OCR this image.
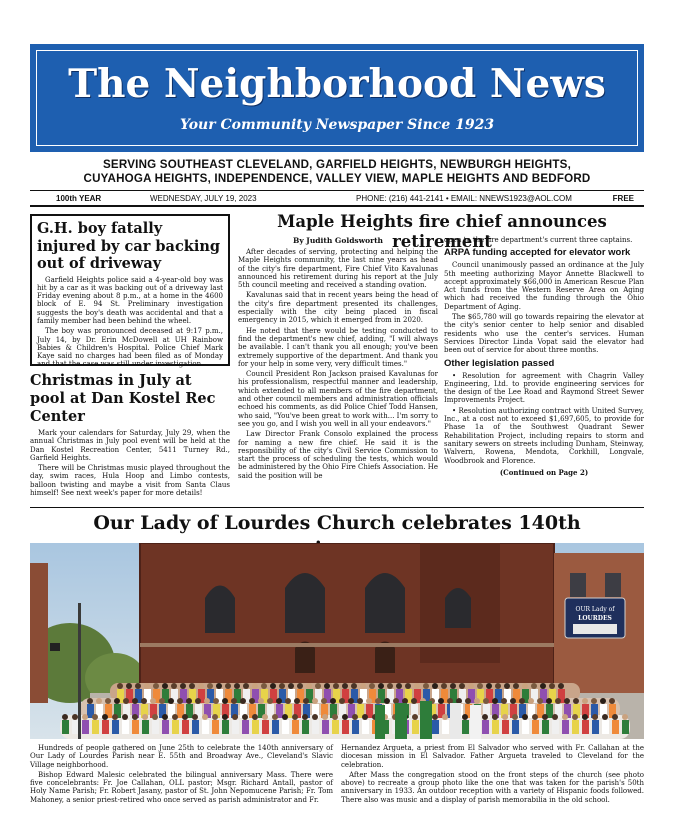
The Neighborhood News
Your Community Newspaper Since 1923
SERVING SOUTHEAST CLEVELAND, GARFIELD HEIGHTS, NEWBURGH HEIGHTS,
CUYAHOGA HEIGHTS, INDEPENDENCE, VALLEY VIEW, MAPLE HEIGHTS AND BEDFORD
100th YEAR	WEDNESDAY, JULY 19, 2023	PHONE: (216) 441-2141 • EMAIL: NNEWS1923@AOL.COM	FREE
G.H. boy fatally injured by car backing out of driveway

Garfield Heights police said a 4-year-old boy was hit by a car as it was backing out of a driveway last Friday evening about 8 p.m., at a home in the 4600 block of E. 94 St. Preliminary investigation suggests the boy's death was accidental and that a family member had been behind the wheel.

The boy was pronounced deceased at 9:17 p.m., July 14, by Dr. Erin McDowell at UH Rainbow Babies & Children's Hospital. Police Chief Mark Kaye said no charges had been filed as of Monday and that the case was still under investigation.

Christmas in July at pool at Dan Kostel Rec Center

Mark your calendars for Saturday, July 29, when the annual Christmas in July pool event will be held at the Dan Kostel Recreation Center, 5411 Turney Rd., Garfield Heights.

There will be Christmas music played throughout the day, swim races, Hula Hoop and Limbo contests, balloon twisting and maybe a visit from Santa Claus himself! See next week's paper for more details!

Maple Heights fire chief announces retirement
By Judith Goldsworth

After decades of serving, protecting and helping the Maple Heights community, the last nine years as head of the city's fire department, Fire Chief Vito Kavalunas announced his retirement during his report at the July 5th council meeting and received a standing ovation.

Kavalunas said that in recent years being the head of the city's fire department presented its challenges, especially with the city being placed in fiscal emergency in 2015, which it emerged from in 2020.

He noted that there would be testing conducted to find the department's new chief, adding, "I will always be available. I can't thank you all enough; you've been extremely supportive of the department. And thank you for your help in some very, very difficult times."

Council President Ron Jackson praised Kavalunas for his professionalism, respectful manner and leadership, which extended to all members of the fire department, and other council members and administration officials echoed his comments, as did Police Chief Todd Hansen, who said, "You've been great to work with... I'm sorry to see you go, and I wish you well in all your endeavors."

Law Director Frank Consolo explained the process for naming a new fire chief. He said it is the responsibility of the city's Civil Service Commission to start the process of scheduling the tests, which would be administered by the Ohio Fire Chiefs Association. He said the position will be

open to the fire department's current three captains.

ARPA funding accepted for elevator work

Council unanimously passed an ordinance at the July 5th meeting authorizing Mayor Annette Blackwell to accept approximately $66,000 in American Rescue Plan Act funds from the Western Reserve Area on Aging which had received the funding through the Ohio Department of Aging.

The $65,780 will go towards repairing the elevator at the city's senior center to help senior and disabled residents who use the center's services. Human Services Director Linda Vopat said the elevator had been out of service for about three months.

Other legislation passed

• Resolution for agreement with Chagrin Valley Engineering, Ltd. to provide engineering services for the design of the Lee Road and Raymond Street Sewer Improvements Project.

• Resolution authorizing contract with United Survey, Inc., at a cost not to exceed $1,697,605, to provide for Phase 1a of the Southwest Quadrant Sewer Rehabilitation Project, including repairs to storm and sanitary sewers on streets including Dunham, Steinway, Walvern, Rowena, Mendota, Corkhill, Longvale, Woodbrook and Florence.

(Continued on Page 2)
Our Lady of Lourdes Church celebrates 140th
OUR Lady of
LOURDES

Hundreds of people gathered on June 25th to celebrate the 140th anniversary of Our Lady of Lourdes Parish near E. 55th and Broadway Ave., Cleveland's Slavic Village neighborhood.

Bishop Edward Malesic celebrated the bilingual anniversary Mass. There were five concelebrants: Fr. Joe Callahan, OLL pastor; Msgr. Richard Antall, pastor of Holy Name Parish; Fr. Robert Jasany, pastor of St. John Nepomucene Parish; Fr. Tom Mahoney, a senior priest-retired who once served as parish administrator and Fr.

Hernandez Argueta, a priest from El Salvador who served with Fr. Callahan at the diocesan mission in El Salvador. Father Argueta traveled to Cleveland for the celebration.

After Mass the congregation stood on the front steps of the church (see photo above) to recreate a group photo like the one that was taken for the parish's 50th anniversary in 1933. An outdoor reception with a variety of Hispanic foods followed. There also was music and a display of parish memorabilia in the old school.
